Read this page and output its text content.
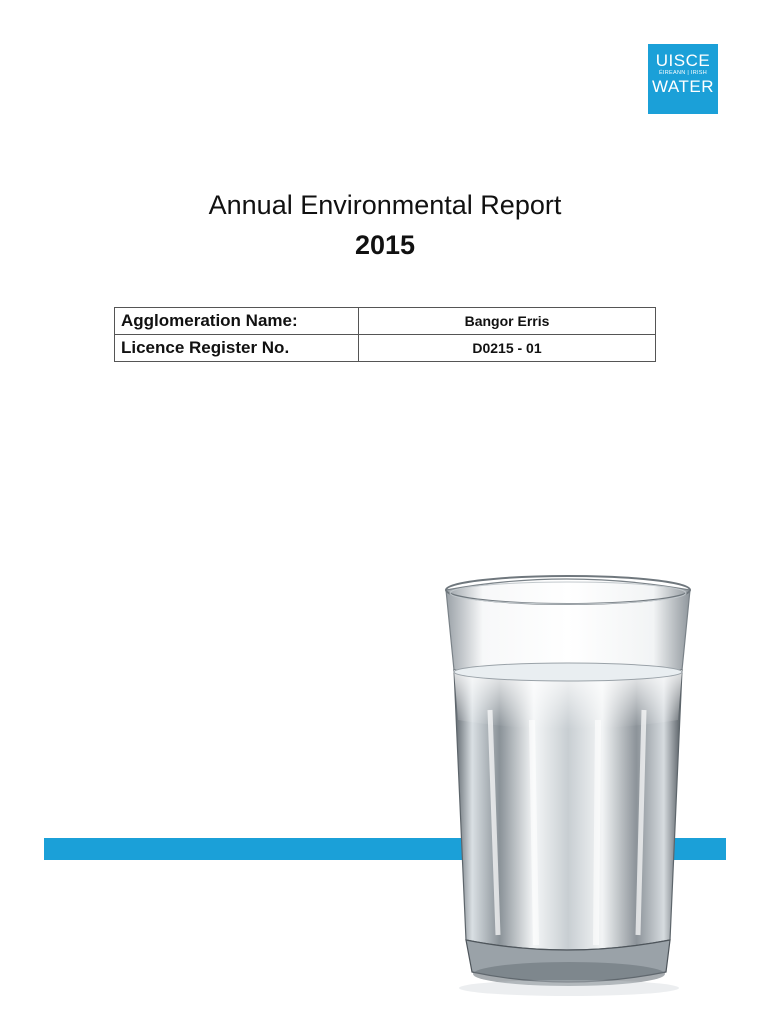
UISCE
ÉIREANN | IRISH
WATER
Annual Environmental Report
2015
Agglomeration Name:	Bangor Erris
Licence Register No.	D0215 - 01
